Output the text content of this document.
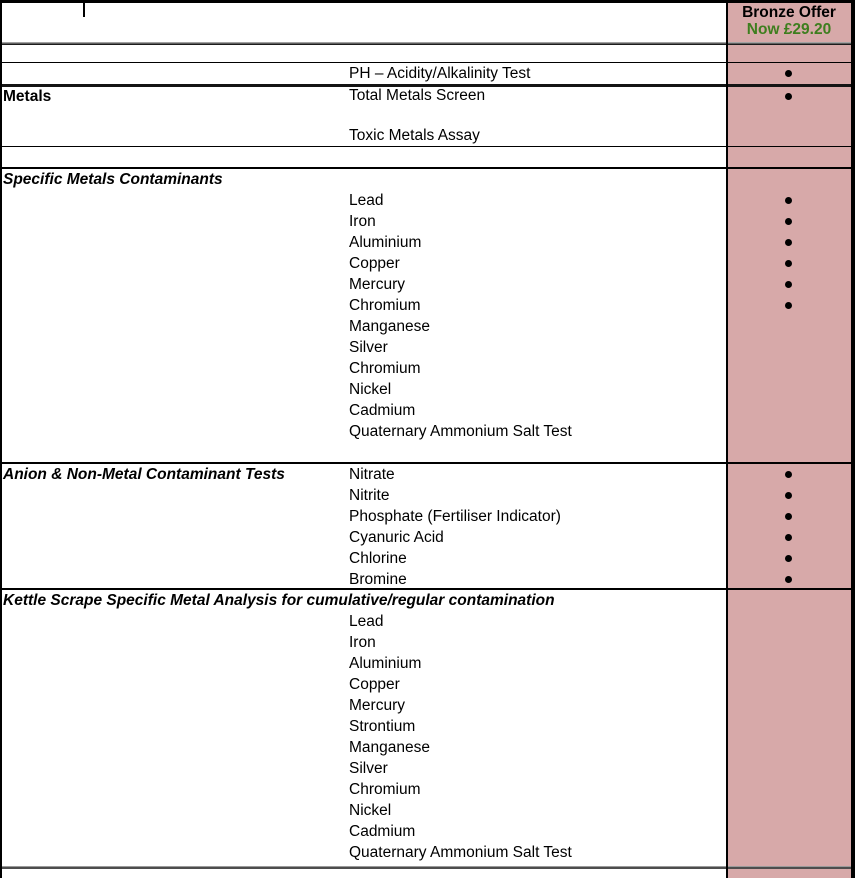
Bronze Offer
Now £29.20
PH – Acidity/Alkalinity Test
Metals	Total Metals Screen
Toxic Metals Assay
Specific Metals Contaminants
Lead
Iron
Aluminium
Copper
Mercury
Chromium
Manganese
Silver
Chromium
Nickel
Cadmium
Quaternary Ammonium Salt Test
Anion & Non-Metal Contaminant Tests	Nitrate
Nitrite
Phosphate (Fertiliser Indicator)
Cyanuric Acid
Chlorine
Bromine
Kettle Scrape Specific Metal Analysis for cumulative/regular contamination
Lead
Iron
Aluminium
Copper
Mercury
Strontium
Manganese
Silver
Chromium
Nickel
Cadmium
Quaternary Ammonium Salt Test
